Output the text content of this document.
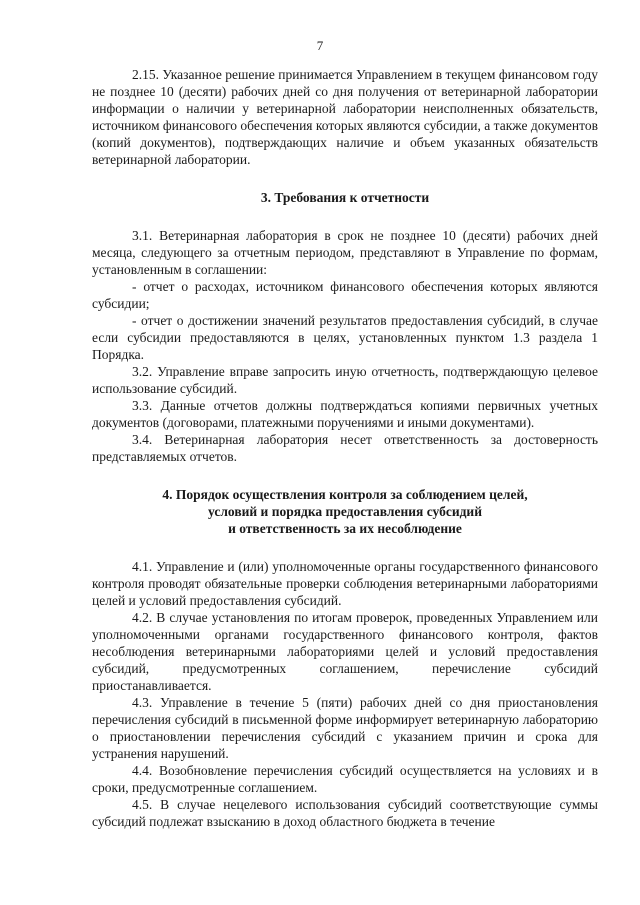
7

2.15. Указанное решение принимается Управлением в текущем финансовом году не позднее 10 (десяти) рабочих дней со дня получения от ветеринарной лаборатории информации о наличии у ветеринарной лаборатории неисполненных обязательств, источником финансового обеспечения которых являются субсидии, а также документов (копий документов), подтверждающих наличие и объем указанных обязательств ветеринарной лаборатории.

3. Требования к отчетности

3.1. Ветеринарная лаборатория в срок не позднее 10 (десяти) рабочих дней месяца, следующего за отчетным периодом, представляют в Управление по формам, установленным в соглашении:

- отчет о расходах, источником финансового обеспечения которых являются субсидии;

- отчет о достижении значений результатов предоставления субсидий, в случае если субсидии предоставляются в целях, установленных пунктом 1.3 раздела 1 Порядка.

3.2. Управление вправе запросить иную отчетность, подтверждающую целевое использование субсидий.

3.3. Данные отчетов должны подтверждаться копиями первичных учетных документов (договорами, платежными поручениями и иными документами).

3.4. Ветеринарная лаборатория несет ответственность за достоверность представляемых отчетов.

4. Порядок осуществления контроля за соблюдением целей,
условий и порядка предоставления субсидий
и ответственность за их несоблюдение

4.1. Управление и (или) уполномоченные органы государственного финансового контроля проводят обязательные проверки соблюдения ветеринарными лабораториями целей и условий предоставления субсидий.

4.2. В случае установления по итогам проверок, проведенных Управлением или уполномоченными органами государственного финансового контроля, фактов несоблюдения ветеринарными лабораториями целей и условий предоставления субсидий, предусмотренных соглашением, перечисление субсидий приостанавливается.

4.3. Управление в течение 5 (пяти) рабочих дней со дня приостановления перечисления субсидий в письменной форме информирует ветеринарную лабораторию о приостановлении перечисления субсидий с указанием причин и срока для устранения нарушений.

4.4. Возобновление перечисления субсидий осуществляется на условиях и в сроки, предусмотренные соглашением.

4.5. В случае нецелевого использования субсидий соответствующие суммы субсидий подлежат взысканию в доход областного бюджета в течение
